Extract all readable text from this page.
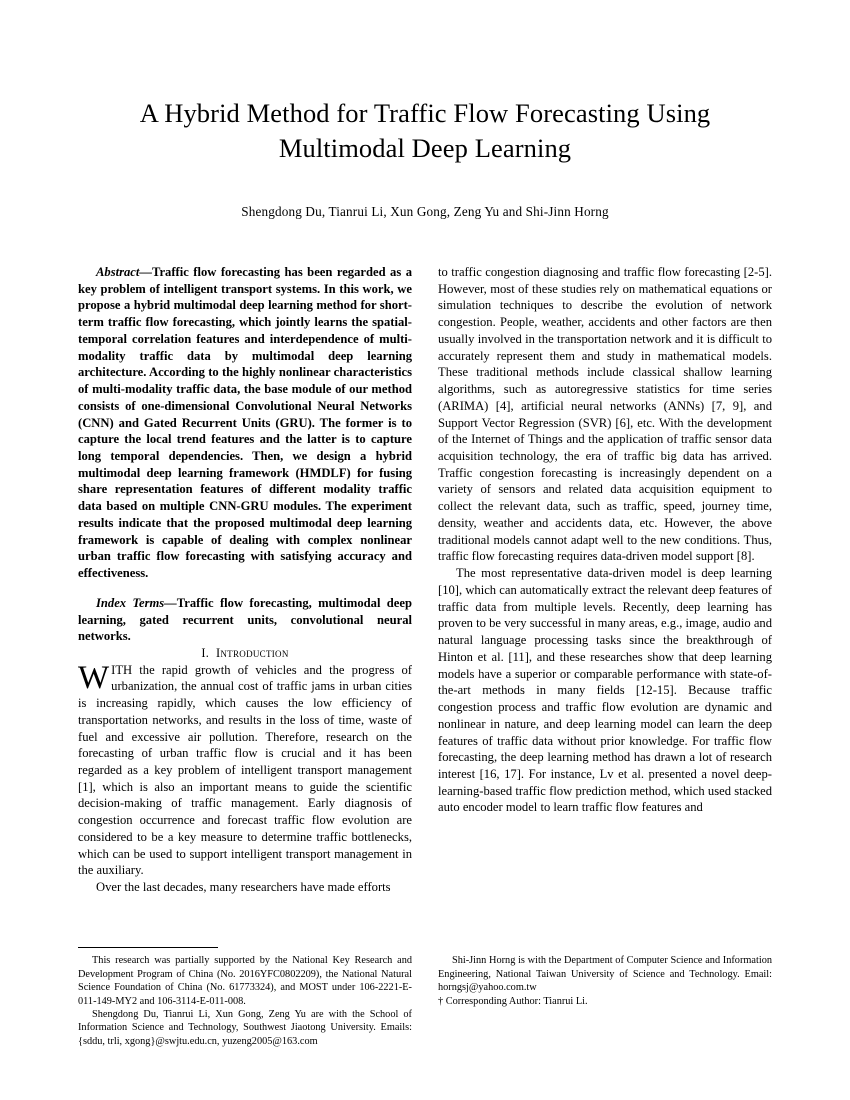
A Hybrid Method for Traffic Flow Forecasting Using Multimodal Deep Learning
Shengdong Du, Tianrui Li, Xun Gong, Zeng Yu and Shi-Jinn Horng

Abstract—Traffic flow forecasting has been regarded as a key problem of intelligent transport systems. In this work, we propose a hybrid multimodal deep learning method for short-term traffic flow forecasting, which jointly learns the spatial-temporal correlation features and interdependence of multi-modality traffic data by multimodal deep learning architecture. According to the highly nonlinear characteristics of multi-modality traffic data, the base module of our method consists of one-dimensional Convolutional Neural Networks (CNN) and Gated Recurrent Units (GRU). The former is to capture the local trend features and the latter is to capture long temporal dependencies. Then, we design a hybrid multimodal deep learning framework (HMDLF) for fusing share representation features of different modality traffic data based on multiple CNN-GRU modules. The experiment results indicate that the proposed multimodal deep learning framework is capable of dealing with complex nonlinear urban traffic flow forecasting with satisfying accuracy and effectiveness.

Index Terms—Traffic flow forecasting, multimodal deep learning, gated recurrent units, convolutional neural networks.

I. Introduction

WITH the rapid growth of vehicles and the progress of urbanization, the annual cost of traffic jams in urban cities is increasing rapidly, which causes the low efficiency of transportation networks, and results in the loss of time, waste of fuel and excessive air pollution. Therefore, research on the forecasting of urban traffic flow is crucial and it has been regarded as a key problem of intelligent transport management [1], which is also an important means to guide the scientific decision-making of traffic management. Early diagnosis of congestion occurrence and forecast traffic flow evolution are considered to be a key measure to determine traffic bottlenecks, which can be used to support intelligent transport management in the auxiliary.

Over the last decades, many researchers have made efforts

to traffic congestion diagnosing and traffic flow forecasting [2-5]. However, most of these studies rely on mathematical equations or simulation techniques to describe the evolution of network congestion. People, weather, accidents and other factors are then usually involved in the transportation network and it is difficult to accurately represent them and study in mathematical models. These traditional methods include classical shallow learning algorithms, such as autoregressive statistics for time series (ARIMA) [4], artificial neural networks (ANNs) [7, 9], and Support Vector Regression (SVR) [6], etc. With the development of the Internet of Things and the application of traffic sensor data acquisition technology, the era of traffic big data has arrived. Traffic congestion forecasting is increasingly dependent on a variety of sensors and related data acquisition equipment to collect the relevant data, such as traffic, speed, journey time, density, weather and accidents data, etc. However, the above traditional models cannot adapt well to the new conditions. Thus, traffic flow forecasting requires data-driven model support [8].

The most representative data-driven model is deep learning [10], which can automatically extract the relevant deep features of traffic data from multiple levels. Recently, deep learning has proven to be very successful in many areas, e.g., image, audio and natural language processing tasks since the breakthrough of Hinton et al. [11], and these researches show that deep learning models have a superior or comparable performance with state-of-the-art methods in many fields [12-15]. Because traffic congestion process and traffic flow evolution are dynamic and nonlinear in nature, and deep learning model can learn the deep features of traffic data without prior knowledge. For traffic flow forecasting, the deep learning method has drawn a lot of research interest [16, 17]. For instance, Lv et al. presented a novel deep-learning-based traffic flow prediction method, which used stacked auto encoder model to learn traffic flow features and

This research was partially supported by the National Key Research and Development Program of China (No. 2016YFC0802209), the National Natural Science Foundation of China (No. 61773324), and MOST under 106-2221-E-011-149-MY2 and 106-3114-E-011-008.

Shengdong Du, Tianrui Li, Xun Gong, Zeng Yu are with the School of Information Science and Technology, Southwest Jiaotong University. Emails: {sddu, trli, xgong}@swjtu.edu.cn, yuzeng2005@163.com

Shi-Jinn Horng is with the Department of Computer Science and Information Engineering, National Taiwan University of Science and Technology. Email: horngsj@yahoo.com.tw

† Corresponding Author: Tianrui Li.
